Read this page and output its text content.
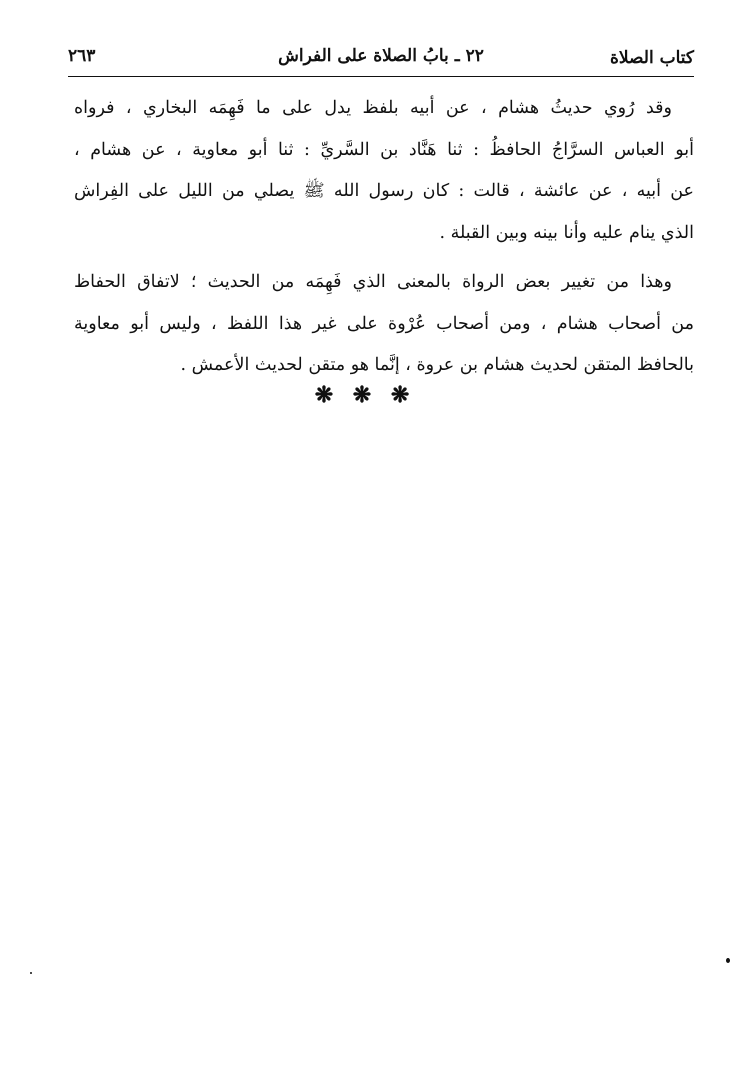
كتاب الصلاة
٢٢ ـ بابُ الصلاة على الفراش
٢٦٣
وقد رُوي حديثُ هشام ، عن أبيه بلفظ يدل على ما فَهِمَه البخاري ، فرواه
أبو العباس السرَّاجُ الحافظُ : ثنا هَنَّاد بن السَّريِّ : ثنا أبو معاوية ، عن هشام ،
عن أبيه ، عن عائشة ، قالت : كان رسول الله ﷺ يصلي من الليل على الفِراش
الذي ينام عليه وأنا بينه وبين القبلة .
وهذا من تغيير بعض الرواة بالمعنى الذي فَهِمَه من الحديث ؛ لاتفاق الحفاظ
من أصحاب هشام ، ومن أصحاب عُرْوة على غير هذا اللفظ ، وليس أبو معاوية
بالحافظ المتقن لحديث هشام بن عروة ، إنَّما هو متقن لحديث الأعمش .
❋ ❋ ❋
